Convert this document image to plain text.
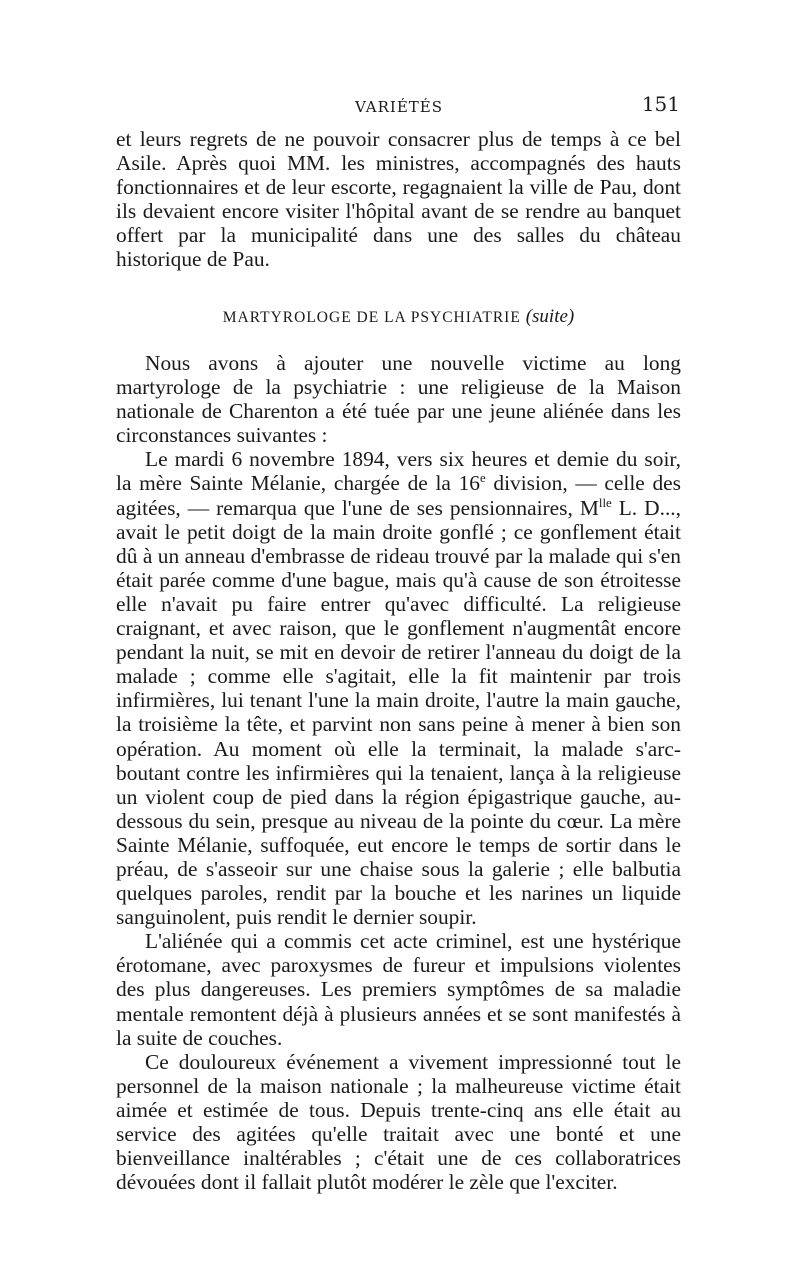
VARIÉTÉS	151

et leurs regrets de ne pouvoir consacrer plus de temps à ce bel Asile. Après quoi MM. les ministres, accompagnés des hauts fonctionnaires et de leur escorte, regagnaient la ville de Pau, dont ils devaient encore visiter l'hôpital avant de se rendre au banquet offert par la municipalité dans une des salles du château historique de Pau.

MARTYROLOGE DE LA PSYCHIATRIE (suite)

Nous avons à ajouter une nouvelle victime au long martyrologe de la psychiatrie : une religieuse de la Maison nationale de Charenton a été tuée par une jeune aliénée dans les circonstances suivantes :

Le mardi 6 novembre 1894, vers six heures et demie du soir, la mère Sainte Mélanie, chargée de la 16e division, — celle des agitées, — remarqua que l'une de ses pensionnaires, $M^{lle}$ L. D..., avait le petit doigt de la main droite gonflé ; ce gonflement était dû à un anneau d'embrasse de rideau trouvé par la malade qui s'en était parée comme d'une bague, mais qu'à cause de son étroitesse elle n'avait pu faire entrer qu'avec difficulté. La religieuse craignant, et avec raison, que le gonflement n'augmentât encore pendant la nuit, se mit en devoir de retirer l'anneau du doigt de la malade ; comme elle s'agitait, elle la fit maintenir par trois infirmières, lui tenant l'une la main droite, l'autre la main gauche, la troisième la tête, et parvint non sans peine à mener à bien son opération. Au moment où elle la terminait, la malade s'arc-boutant contre les infirmières qui la tenaient, lança à la religieuse un violent coup de pied dans la région épigastrique gauche, au-dessous du sein, presque au niveau de la pointe du cœur. La mère Sainte Mélanie, suffoquée, eut encore le temps de sortir dans le préau, de s'asseoir sur une chaise sous la galerie ; elle balbutia quelques paroles, rendit par la bouche et les narines un liquide sanguinolent, puis rendit le dernier soupir.

L'aliénée qui a commis cet acte criminel, est une hystérique érotomane, avec paroxysmes de fureur et impulsions violentes des plus dangereuses. Les premiers symptômes de sa maladie mentale remontent déjà à plusieurs années et se sont manifestés à la suite de couches.

Ce douloureux événement a vivement impressionné tout le personnel de la maison nationale ; la malheureuse victime était aimée et estimée de tous. Depuis trente-cinq ans elle était au service des agitées qu'elle traitait avec une bonté et une bienveillance inaltérables ; c'était une de ces collaboratrices dévouées dont il fallait plutôt modérer le zèle que l'exciter.
